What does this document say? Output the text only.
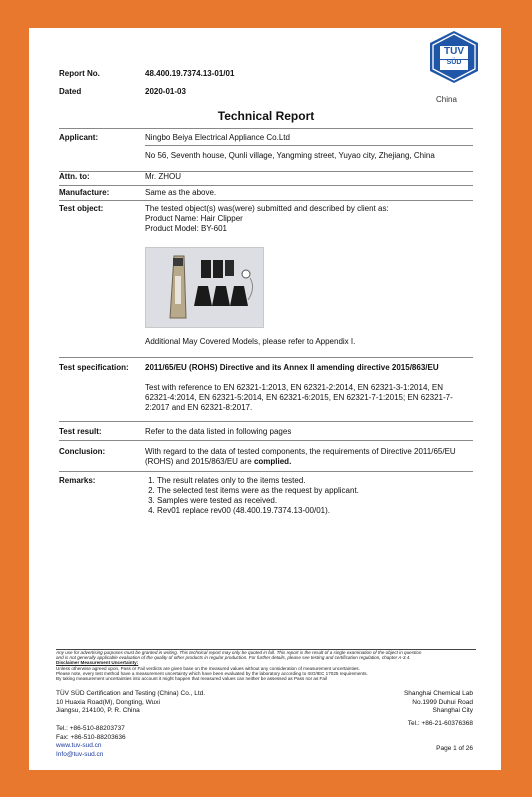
TÜV
SÜD
China
Report No.	48.400.19.7374.13-01/01
Dated	2020-01-03
Technical Report
Applicant:	Ningbo Beiya Electrical Appliance Co.Ltd
No 56, Seventh house, Qunli village, Yangming street, Yuyao city, Zhejiang, China
Attn. to:	Mr. ZHOU
Manufacture:	Same as the above.
Test object:	The tested object(s) was(were) submitted and described by client as:
Product Name: Hair Clipper
Product Model: BY-601
Additional May Covered Models, please refer to Appendix I.
Test specification: 2011/65/EU (ROHS) Directive and its Annex II amending directive 2015/863/EU
Test with reference to EN 62321-1:2013, EN 62321-2:2014, EN 62321-3-1:2014, EN 62321-4:2014, EN 62321-5:2014, EN 62321-6:2015, EN 62321-7-1:2015; EN 62321-7-2:2017 and EN 62321-8:2017.
Test result:	Refer to the data listed in following pages
Conclusion:	With regard to the data of tested components, the requirements of Directive 2011/65/EU (ROHS) and 2015/863/EU are complied.
Remarks:
1.	The result relates only to the items tested.
2. The selected test items were as the request by applicant.
3. Samples were tested as received.
4. Rev01 replace rev00 (48.400.19.7374.13-00/01).
Any use for advertising purposes must be granted in writing. This technical report may only be quoted in full. This report is the result of a single examination of the object in question
and is not generally applicable evaluation of the quality of other products in regular production. For further details, please see testing and certification regulation, chapter A-3.4.
Disclaimer Measurement Uncertainty:
Unless otherwise agreed upon, Pass or Fail verdicts are given base on the measured values without any consideration of measurement uncertainties.
Please note, every test method have a measurement uncertainty which have been evaluated by the laboratory according to ISO/IEC 17025 requirements.
By taking measurement uncertainties into account it might happen that measured values can neither be assessed as Pass nor as Fail
TÜV SÜD Certification and Testing (China) Co., Ltd.
10 Huaxia Road(M), Dongting, Wuxi
Jiangsu, 214100, P. R. China
Tel.: +86-510-88203737
Fax: +86-510-88203636
www.tuv-sud.cn
Info@tuv-sud.cn
Shanghai Chemical Lab
No.1999 Duhui Road
Shanghai City
Tel.: +86-21-60376368
Page 1 of 26
